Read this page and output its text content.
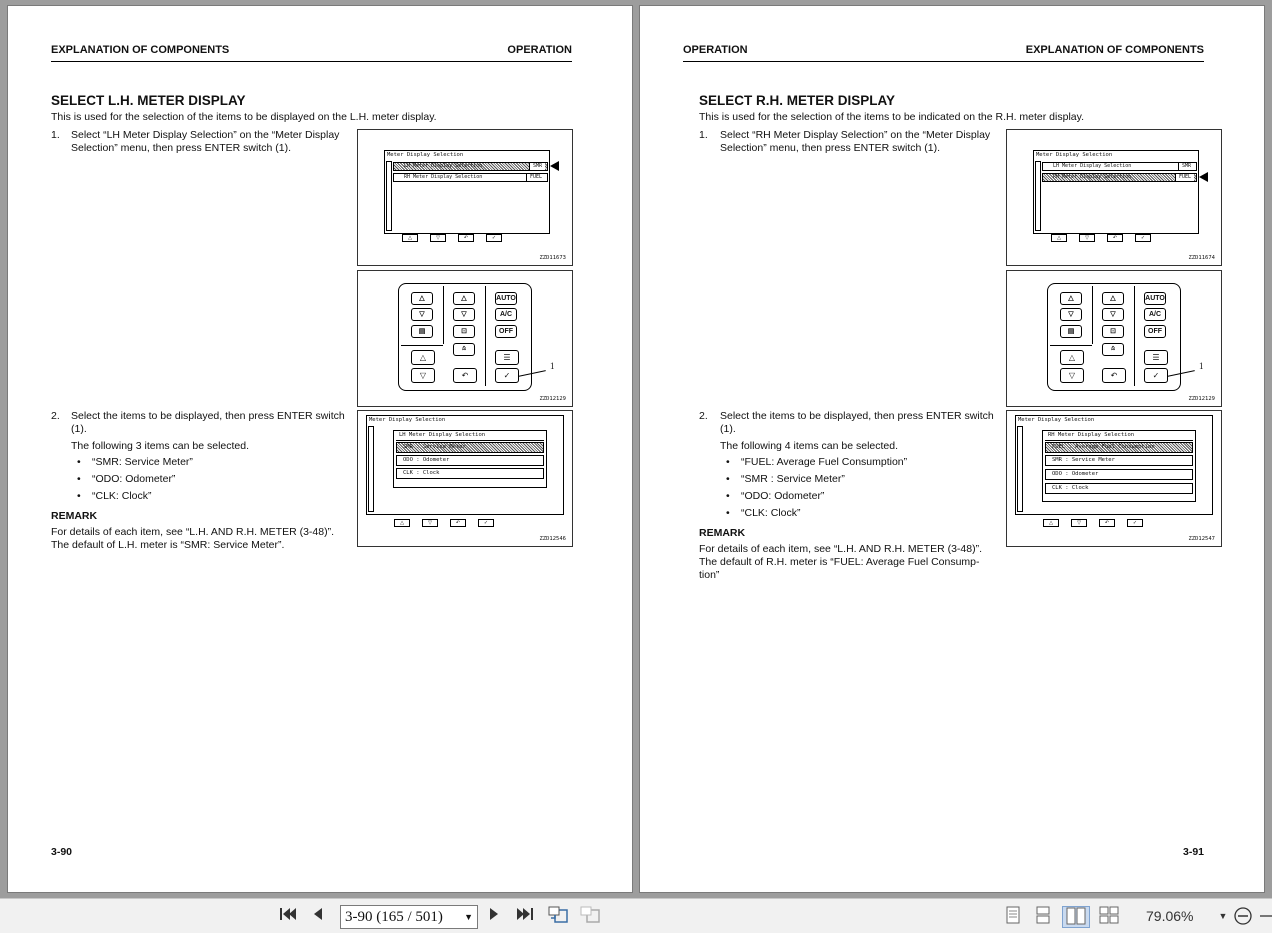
EXPLANATION OF COMPONENTS	OPERATION
SELECT L.H. METER DISPLAY
This is used for the selection of the items to be displayed on the L.H. meter display.
1. Select “LH Meter Display Selection” on the “Meter Display
Selection” menu, then press ENTER switch (1).
2. Select the items to be displayed, then press ENTER switch
(1).
The following 3 items can be selected.
• “SMR: Service Meter”
• “ODO: Odometer”
• “CLK: Clock”
REMARK
For details of each item, see “L.H. AND R.H. METER (3-48)”.
The default of L.H. meter is “SMR: Service Meter”.
Meter Display Selection
LH Meter Display Selection	SMR
RH Meter Display Selection	FUEL
△	▽	↶	✓
ZZD11673
△
▽
▤
△
▽
⊡
AUTO
A/C
OFF
⩯
△
▽	↶
☰
✓
1
ZZD12129
Meter Display Selection
LH Meter Display Selection
SMR : Service Meter
ODO : Odometer
CLK : Clock
△	▽	↶	✓
ZZD12546
3-90
OPERATION	EXPLANATION OF COMPONENTS
SELECT R.H. METER DISPLAY
This is used for the selection of the items to be indicated on the R.H. meter display.
1. Select “RH Meter Display Selection” on the “Meter Display
Selection” menu, then press ENTER switch (1).
2. Select the items to be displayed, then press ENTER switch
(1).
The following 4 items can be selected.
• “FUEL: Average Fuel Consumption”
• “SMR : Service Meter”
• “ODO: Odometer”
• “CLK: Clock”
REMARK
For details of each item, see “L.H. AND R.H. METER (3-48)”.
The default of R.H. meter is “FUEL: Average Fuel Consump-
tion”
Meter Display Selection
LH Meter Display Selection	SMR
RH Meter Display Selection	FUEL
△	▽	↶	✓
ZZD11674
△
▽
▤
△
▽
⊡
AUTO
A/C
OFF
⩯
△
▽	↶
☰
✓
1
ZZD12129
Meter Display Selection
RH Meter Display Selection
FUEL : Average Fuel Consumption
SMR : Service Meter
ODO : Odometer
CLK : Clock
△	▽	↶	✓
ZZD12547
3-91
3-90 (165 / 501) ▼	79.06%	▼
